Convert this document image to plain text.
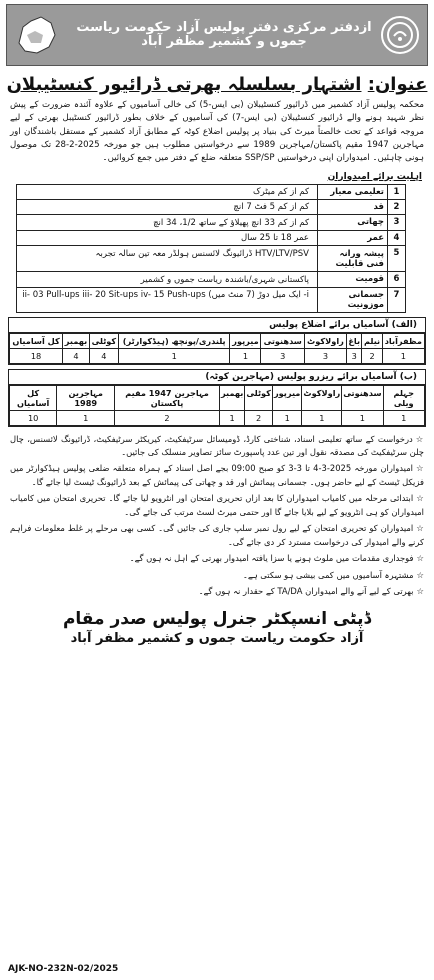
ازدفتر مرکزی دفتر پولیس آزاد حکومت ریاست جموں و کشمیر مظفر آباد
عنوان: اشتہار بسلسلہ بھرتی ڈرائیور کنسٹیبلان
محکمہ پولیس آزاد کشمیر میں ڈرائیور کنسٹیبلان (بی ایس-5) کی خالی آسامیوں کے علاوہ آئندہ ضرورت کے پیش نظر شہید ہونے والے ڈرائیور کنسٹیبلان (بی ایس-7) کی آسامیوں کے خلاف بطور ڈرائیور کنسٹیبل بھرتی کے لیے مروجہ قواعد کے تحت خالصتاً میرٹ کی بنیاد پر پولیس اضلاع کوٹہ کے مطابق آزاد کشمیر کے مستقل باشندگان اور مہاجرین 1947 مقیم پاکستان/مہاجرین 1989 سے درخواستیں مطلوب ہیں جو مورخہ 2025-2-28 تک موصول ہونی چاہئیں۔ امیدواران اپنی درخواستیں SSP/SP متعلقہ ضلع کے دفتر میں جمع کروائیں۔
اہلیت برائے امیدواران
1	تعلیمی معیار	کم از کم میٹرک
2	قد	کم از کم 5 فٹ 7 انچ
3	چھاتی	کم از کم 33 انچ پھیلاؤ کے ساتھ 1/2، 34 انچ
4	عمر	عمر 18 تا 25 سال
5	پیشہ ورانہ فنی قابلیت	HTV/LTV/PSV ڈرائیونگ لائسنس ہولڈر معہ تین سالہ تجربہ
6	قومیت	پاکستانی شہری/باشندہ ریاست جموں و کشمیر
7	جسمانی موزونیت	i- ایک میل دوڑ (7 منٹ میں) ii- 03 Pull-ups iii- 20 Sit-ups iv- 15 Push-ups
(الف) آسامیاں برائے اضلاع پولیس
مظفرآباد	نیلم	باغ	راولاکوٹ	سدھنوتی	میرپور	پلندری/پونچھ (ہیڈکوارٹر)	کوٹلی	بھمبر	کل آسامیاں
1	2	3	3	3	1	1	4	4	18
(ب) آسامیاں برائے ریزرو پولیس (مہاجرین کوٹہ)
جہلم ویلی	سدھنوتی	راولاکوٹ	میرپور	کوٹلی	بھمبر	مہاجرین 1947 مقیم پاکستان	مہاجرین 1989	کل آسامیاں
1	1	1	1	2	1	2	1	10

☆درخواست کے ساتھ تعلیمی اسناد، شناختی کارڈ، ڈومیسائل سرٹیفکیٹ، کیریکٹر سرٹیفکیٹ، ڈرائیونگ لائسنس، چال چلن سرٹیفکیٹ کی مصدقہ نقول اور تین عدد پاسپورٹ سائز تصاویر منسلک کی جائیں۔

☆امیدواران مورخہ 2025-3-4 تا 3-3 کو صبح 09:00 بجے اصل اسناد کے ہمراہ متعلقہ ضلعی پولیس ہیڈکوارٹر میں فزیکل ٹیسٹ کے لیے حاضر ہوں۔ جسمانی پیمائش اور قد و چھاتی کی پیمائش کے بعد ڈرائیونگ ٹیسٹ لیا جائے گا۔

☆ابتدائی مرحلہ میں کامیاب امیدواران کا بعد ازاں تحریری امتحان اور انٹرویو لیا جائے گا۔ تحریری امتحان میں کامیاب امیدواران کو ہی انٹرویو کے لیے بلایا جائے گا اور حتمی میرٹ لسٹ مرتب کی جائے گی۔

☆امیدواران کو تحریری امتحان کے لیے رول نمبر سلپ جاری کی جائیں گی۔ کسی بھی مرحلے پر غلط معلومات فراہم کرنے والے امیدوار کی درخواست مسترد کر دی جائے گی۔

☆فوجداری مقدمات میں ملوث ہونے یا سزا یافتہ امیدوار بھرتی کے اہل نہ ہوں گے۔

☆مشتہرہ آسامیوں میں کمی بیشی ہو سکتی ہے۔

☆بھرتی کے لیے آنے والے امیدواران TA/DA کے حقدار نہ ہوں گے۔

ڈپٹی انسپکٹر جنرل پولیس صدر مقام
آزاد حکومت ریاست جموں و کشمیر مظفر آباد
AJK-NO-232N-02/2025
